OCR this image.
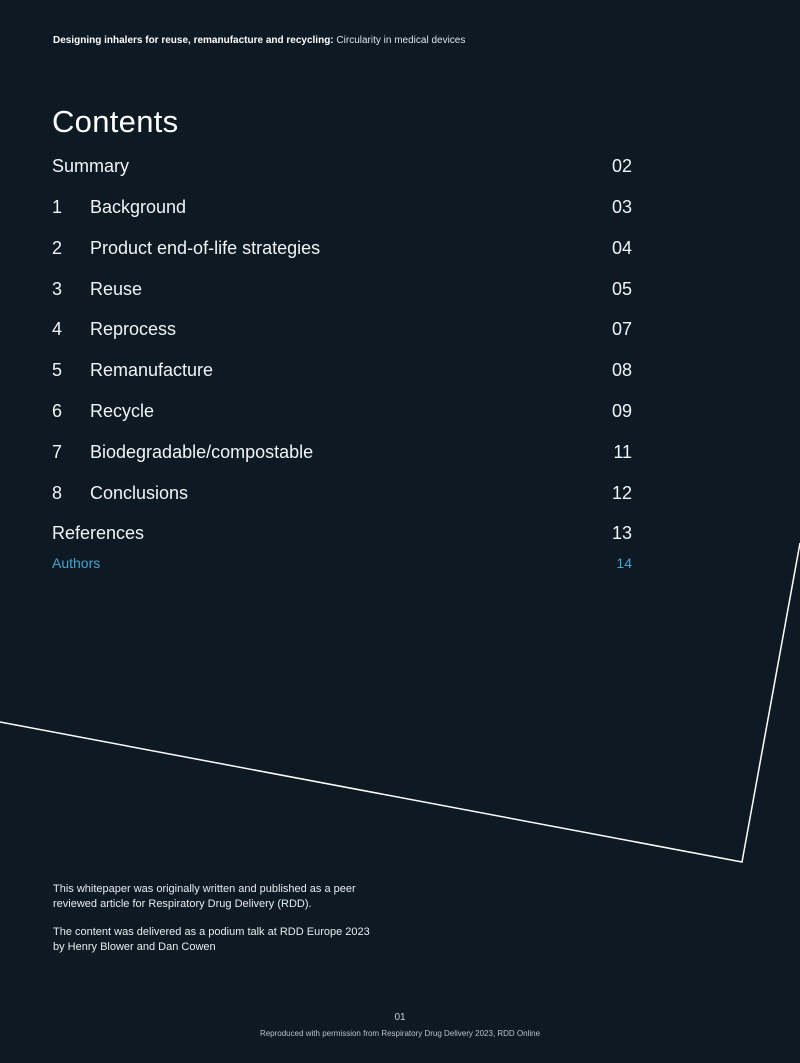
Designing inhalers for reuse, remanufacture and recycling: Circularity in medical devices
Contents
Summary	02
1	Background	03
2	Product end-of-life strategies	04
3	Reuse	05
4	Reprocess	07
5	Remanufacture	08
6	Recycle	09
7	Biodegradable/compostable	11
8	Conclusions	12
References	13
Authors	14

This whitepaper was originally written and published as a peer
reviewed article for Respiratory Drug Delivery (RDD).

The content was delivered as a podium talk at RDD Europe 2023
by Henry Blower and Dan Cowen

01
Reproduced with permission from Respiratory Drug Delivery 2023, RDD Online
